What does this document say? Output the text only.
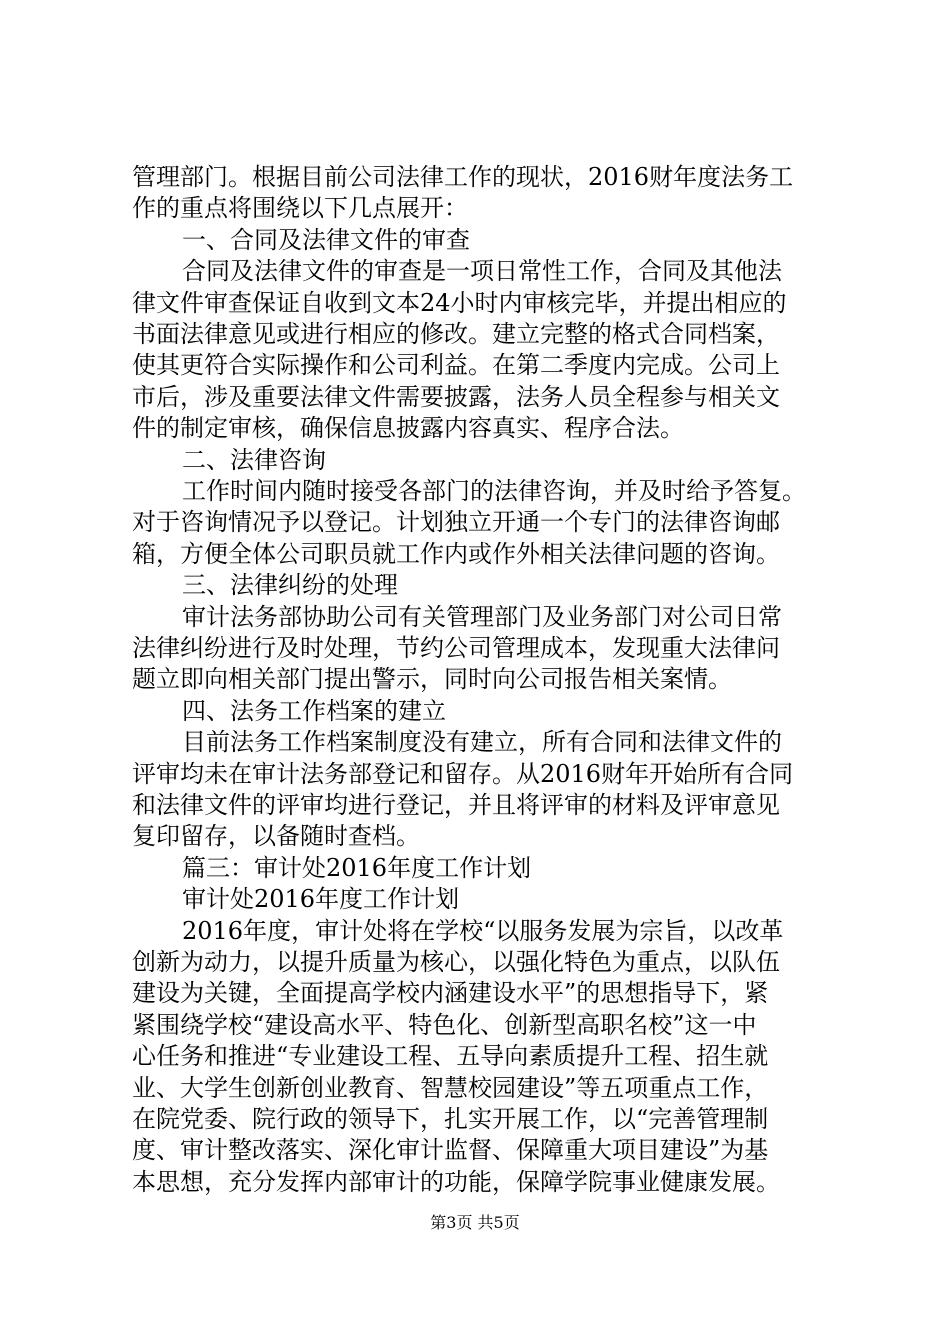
管理部门。根据目前公司法律工作的现状，2016财年度法务工
作的重点将围绕以下几点展开：
一、合同及法律文件的审查
合同及法律文件的审查是一项日常性工作，合同及其他法
律文件审查保证自收到文本24小时内审核完毕，并提出相应的
书面法律意见或进行相应的修改。建立完整的格式合同档案，
使其更符合实际操作和公司利益。在第二季度内完成。公司上
市后，涉及重要法律文件需要披露，法务人员全程参与相关文
件的制定审核，确保信息披露内容真实、程序合法。
二、法律咨询
工作时间内随时接受各部门的法律咨询，并及时给予答复。
对于咨询情况予以登记。计划独立开通一个专门的法律咨询邮
箱，方便全体公司职员就工作内或作外相关法律问题的咨询。
三、法律纠纷的处理
审计法务部协助公司有关管理部门及业务部门对公司日常
法律纠纷进行及时处理，节约公司管理成本，发现重大法律问
题立即向相关部门提出警示，同时向公司报告相关案情。
四、法务工作档案的建立
目前法务工作档案制度没有建立，所有合同和法律文件的
评审均未在审计法务部登记和留存。从2016财年开始所有合同
和法律文件的评审均进行登记，并且将评审的材料及评审意见
复印留存，以备随时查档。
篇三：审计处2016年度工作计划
审计处2016年度工作计划
2016年度，审计处将在学校“以服务发展为宗旨，以改革
创新为动力，以提升质量为核心，以强化特色为重点，以队伍
建设为关键，全面提高学校内涵建设水平”的思想指导下，紧
紧围绕学校“建设高水平、特色化、创新型高职名校”这一中
心任务和推进“专业建设工程、五导向素质提升工程、招生就
业、大学生创新创业教育、智慧校园建设”等五项重点工作，
在院党委、院行政的领导下，扎实开展工作，以“完善管理制
度、审计整改落实、深化审计监督、保障重大项目建设”为基
本思想，充分发挥内部审计的功能，保障学院事业健康发展。
第3页 共5页
